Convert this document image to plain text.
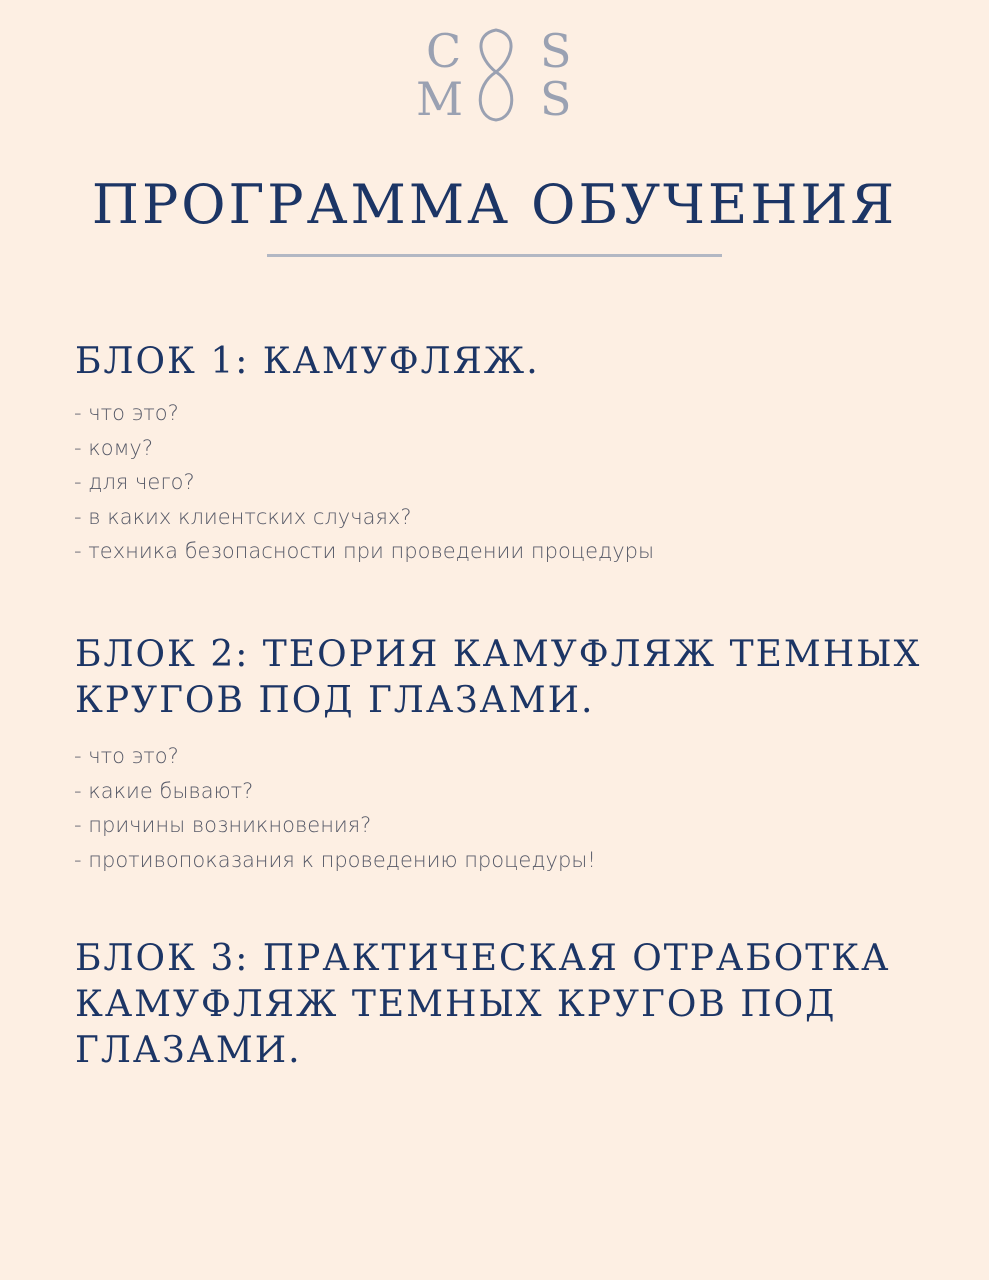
C S
M S
ПРОГРАММА ОБУЧЕНИЯ
БЛОК 1: КАМУФЛЯЖ.
- что это?
- кому?
- для чего?
- в каких клиентских случаях?
- техника безопасности при проведении процедуры
БЛОК 2: ТЕОРИЯ КАМУФЛЯЖ ТЕМНЫХ КРУГОВ ПОД ГЛАЗАМИ.
- что это?
- какие бывают?
- причины возникновения?
- противопоказания к проведению процедуры!
БЛОК 3: ПРАКТИЧЕСКАЯ ОТРАБОТКА КАМУФЛЯЖ ТЕМНЫХ КРУГОВ ПОД ГЛАЗАМИ.
